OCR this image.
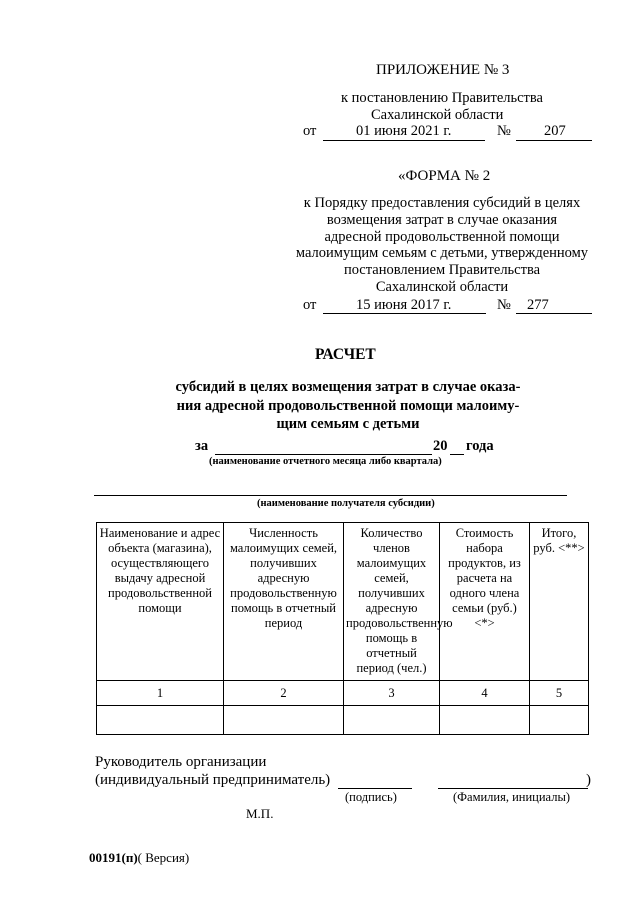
ПРИЛОЖЕНИЕ № 3
к постановлению Правительства
Сахалинской области
от	01 июня 2021 г.	№ 207
«ФОРМА № 2
к Порядку предоставления субсидий в целях
возмещения затрат в случае оказания
адресной продовольственной помощи
малоимущим семьям с детьми, утвержденному
постановлением Правительства
Сахалинской области
от	15 июня 2017 г.	№ 277
РАСЧЕТ
субсидий в целях возмещения затрат в случае оказа-
ния адресной продовольственной помощи малоиму-
щим семьям с детьми
за	20 года
(наименование отчетного месяца либо квартала)
(наименование получателя субсидии)
Наименование и адрес объекта (магазина), осуществляющего выдачу адресной продовольственной помощи	Численность малоимущих семей, получивших адресную продовольственную помощь в отчетный период	Количество членов малоимущих семей, получивших адресную продовольственную помощь в отчетный период (чел.)	Стоимость набора продуктов, из расчета на одного члена семьи (руб.) <*>	Итого, руб. <**>
1	2	3	4	5

Руководитель организации
(индивидуальный предприниматель)	)
(подпись)	(Фамилия, инициалы)
М.П.
00191(п)( Версия)
